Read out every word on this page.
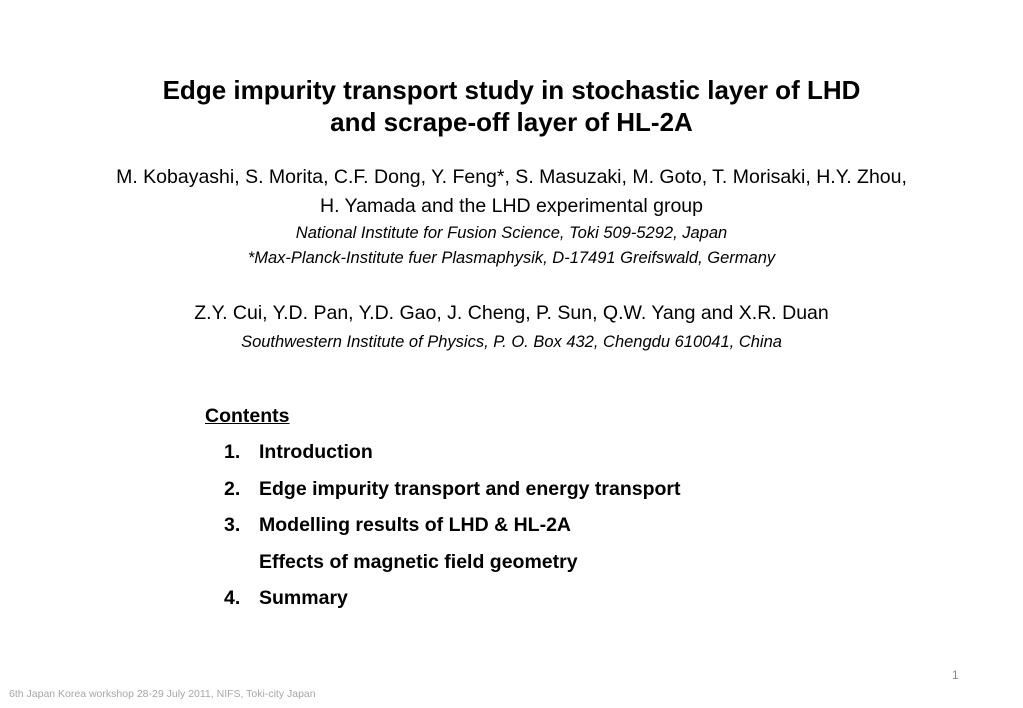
Edge impurity transport study in stochastic layer of LHD
and scrape-off layer of HL-2A
M. Kobayashi, S. Morita, C.F. Dong, Y. Feng*, S. Masuzaki, M. Goto, T. Morisaki, H.Y. Zhou,
H. Yamada and the LHD experimental group
National Institute for Fusion Science, Toki 509-5292, Japan
*Max-Planck-Institute fuer Plasmaphysik, D-17491 Greifswald, Germany
Z.Y. Cui, Y.D. Pan, Y.D. Gao, J. Cheng, P. Sun, Q.W. Yang and X.R. Duan
Southwestern Institute of Physics, P. O. Box 432, Chengdu 610041, China
Contents
1. Introduction
2. Edge impurity transport and energy transport
3. Modelling results of LHD & HL-2A
Effects of magnetic field geometry
4. Summary
1
6th Japan Korea workshop 28-29 July 2011, NIFS, Toki-city Japan
